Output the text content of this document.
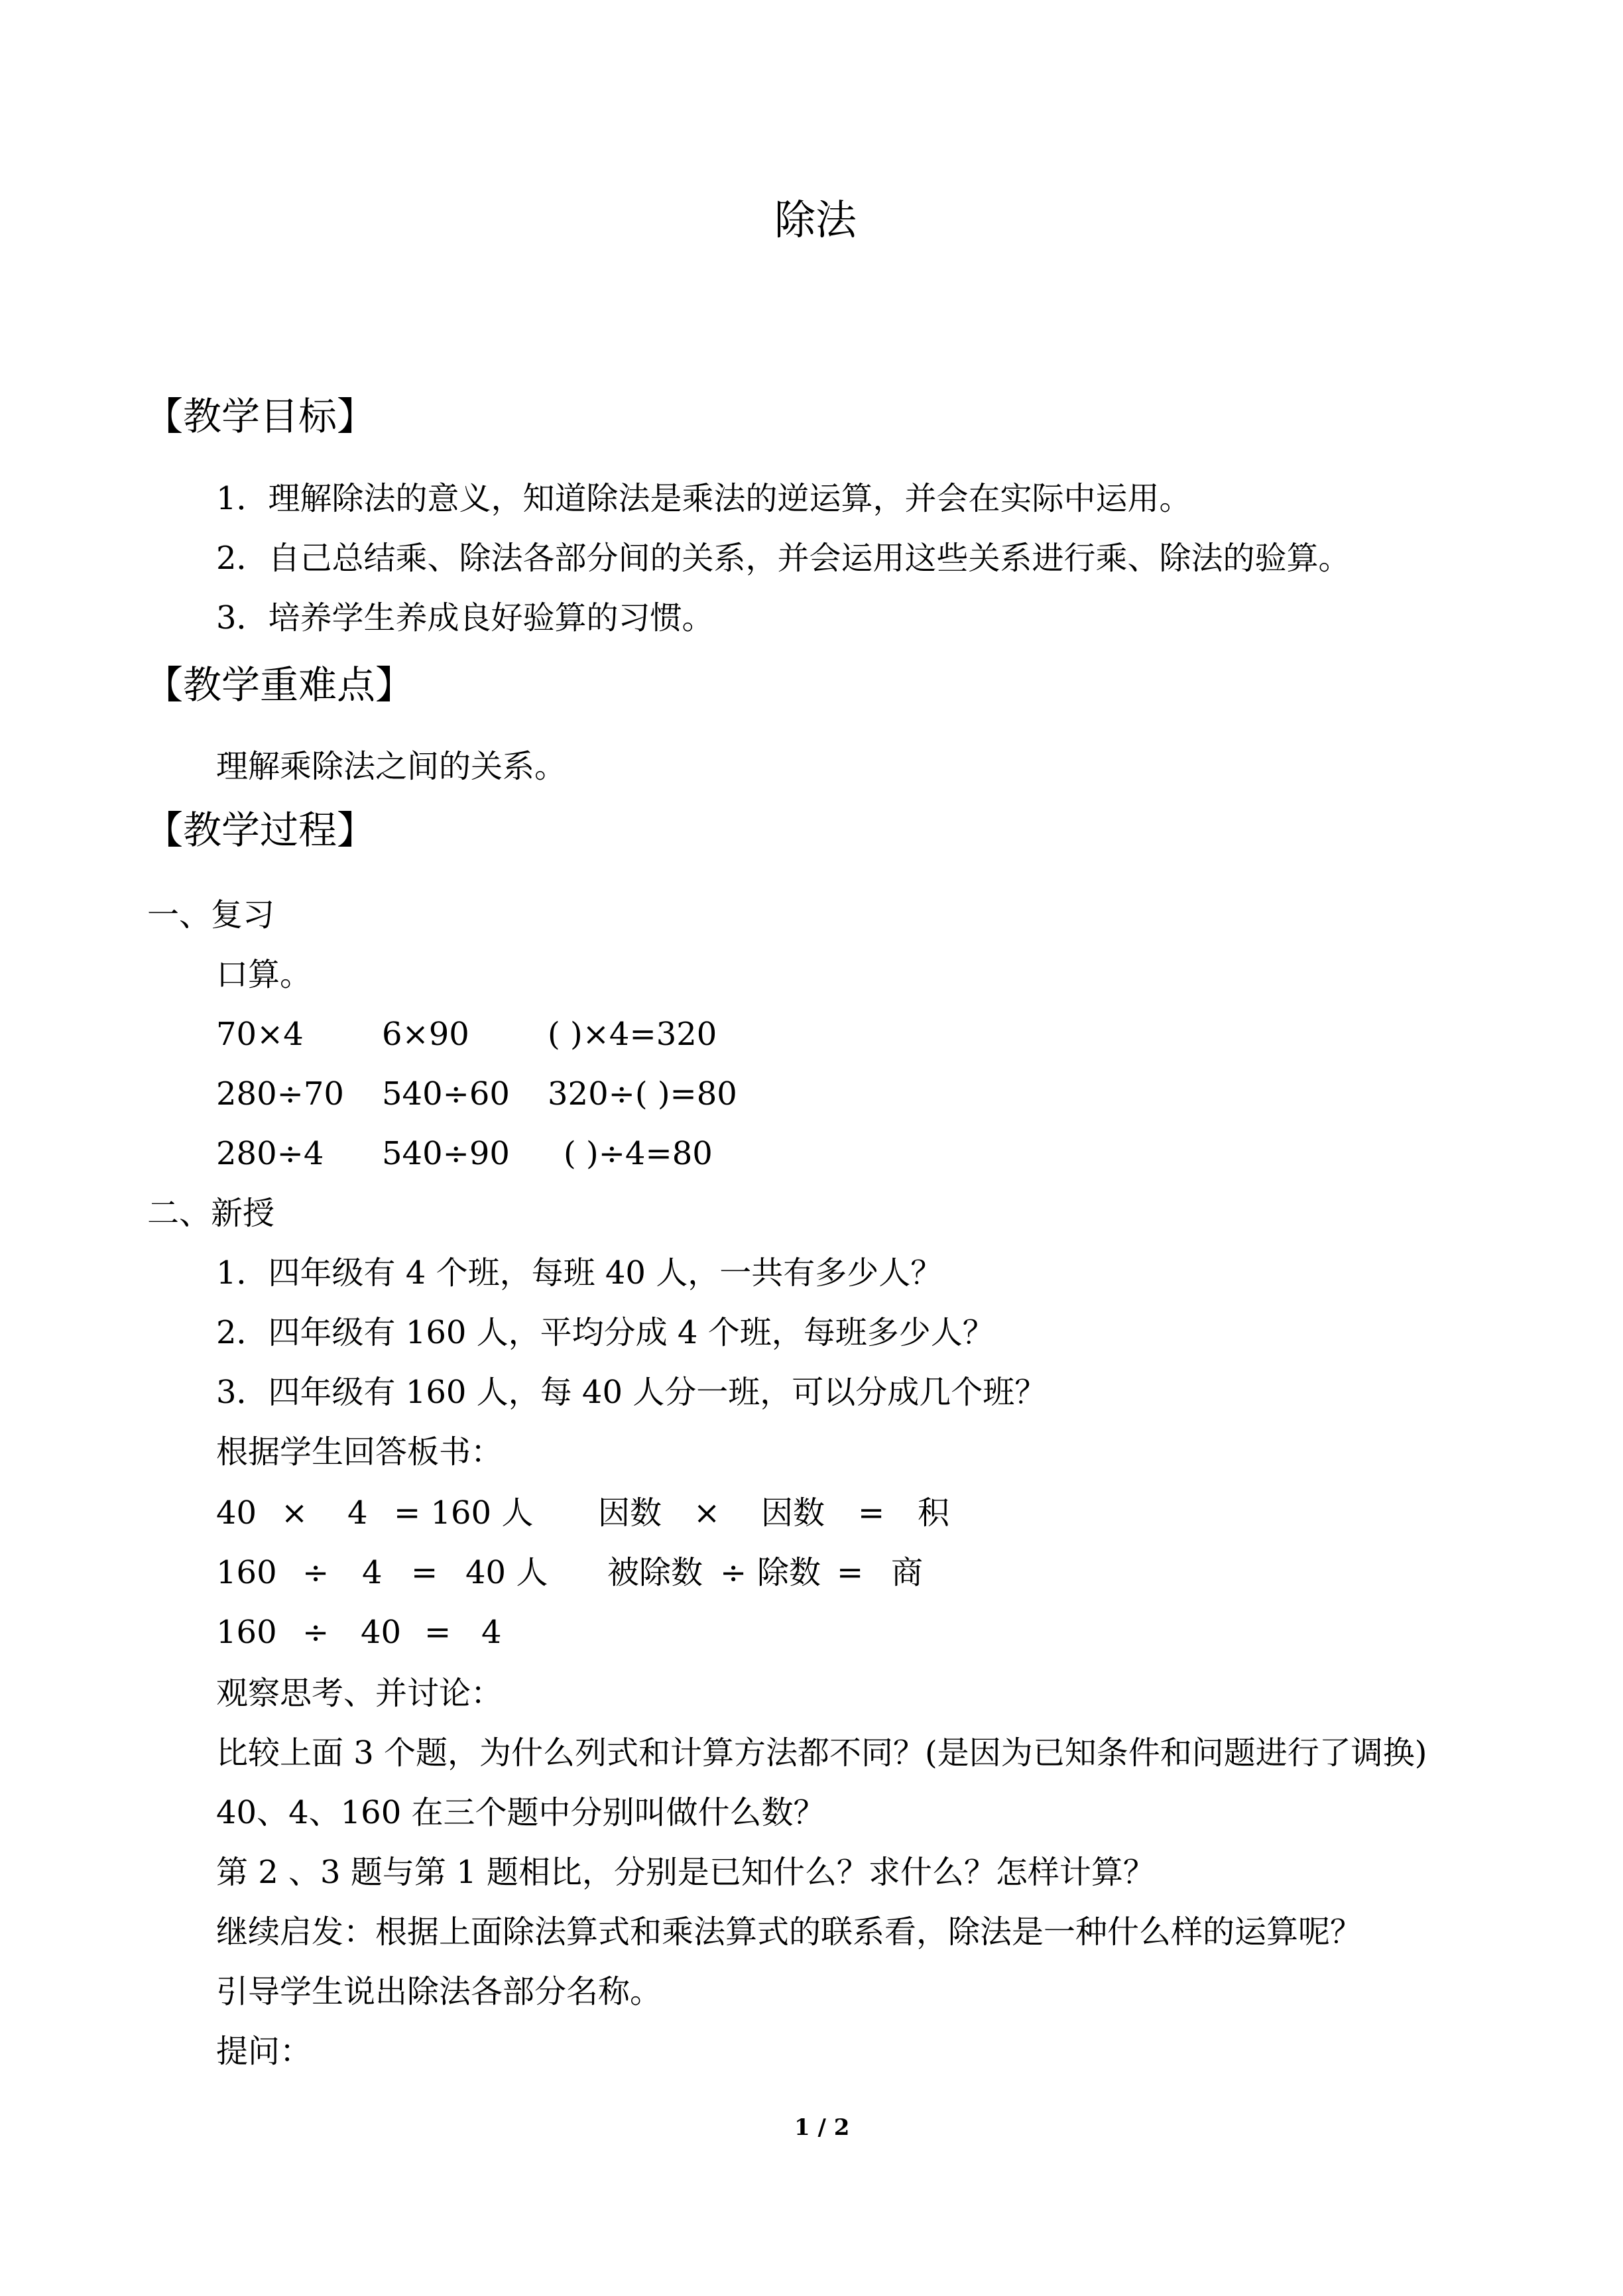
除法
【教学目标】
1．理解除法的意义，知道除法是乘法的逆运算，并会在实际中运用。
2．自己总结乘、除法各部分间的关系，并会运用这些关系进行乘、除法的验算。
3．培养学生养成良好验算的习惯。
【教学重难点】
理解乘除法之间的关系。
【教学过程】
一、复习
口算。
70×4 6×90 ( )×4=320
280÷70 540÷60 320÷( )=80
280÷4 540÷90 ( )÷4=80
二、新授
1．四年级有 4 个班，每班 40 人，一共有多少人？
2．四年级有 160 人，平均分成 4 个班，每班多少人？
3．四年级有 160 人，每 40 人分一班，可以分成几个班？
根据学生回答板书：
40 × 4 = 160 人 因数 × 因数 = 积
160 ÷ 4 = 40 人 被除数 ÷ 除数 = 商
160 ÷ 40 = 4
观察思考、并讨论：
比较上面 3 个题，为什么列式和计算方法都不同？(是因为已知条件和问题进行了调换)
40、4、160 在三个题中分别叫做什么数？
第 2 、3 题与第 1 题相比，分别是已知什么？求什么？怎样计算？
继续启发：根据上面除法算式和乘法算式的联系看，除法是一种什么样的运算呢？
引导学生说出除法各部分名称。
提问：
1 / 2
